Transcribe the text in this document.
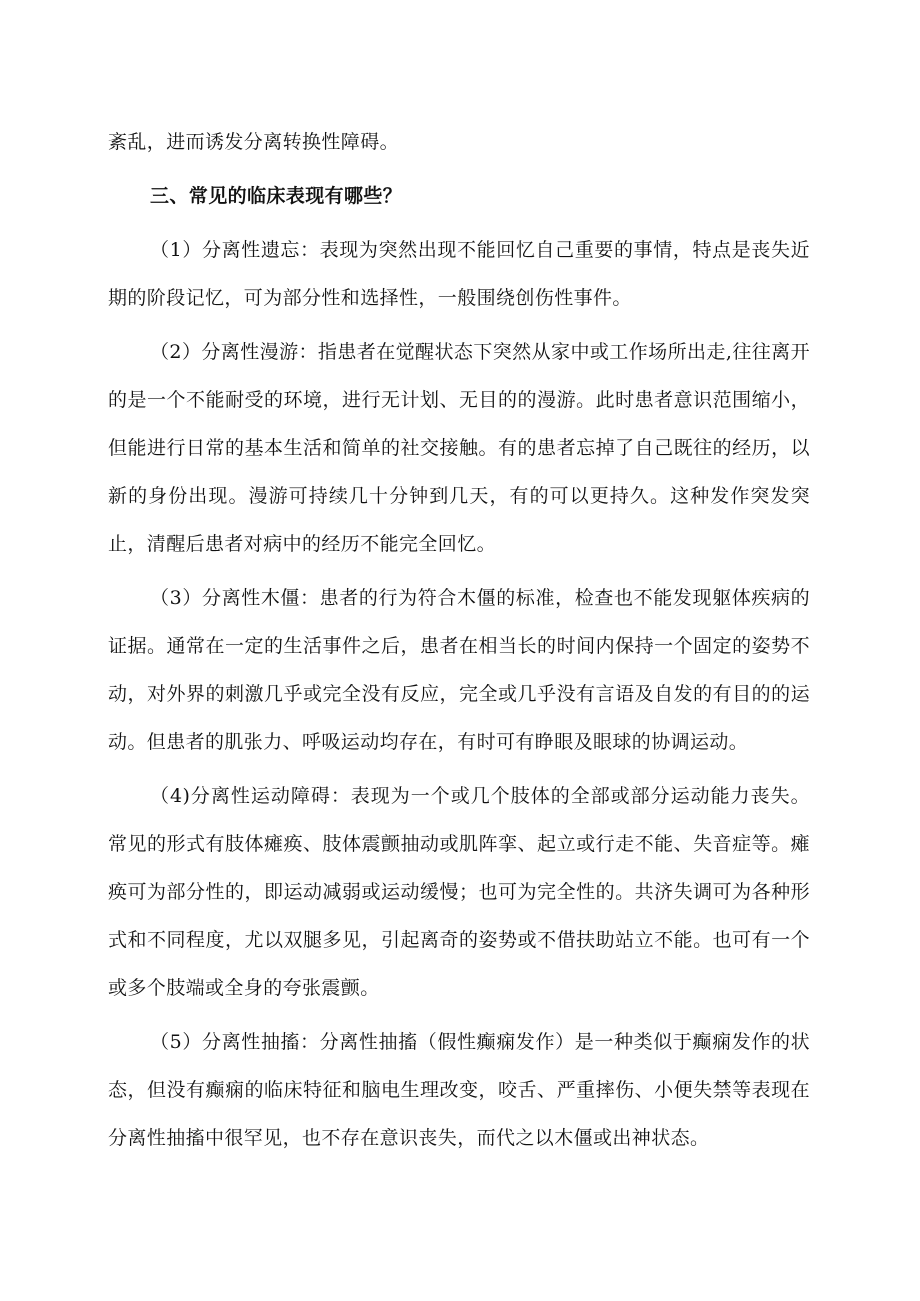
紊乱，进而诱发分离转换性障碍。

三、常见的临床表现有哪些？

（1）分离性遗忘：表现为突然出现不能回忆自己重要的事情，特点是丧失近期的阶段记忆，可为部分性和选择性，一般围绕创伤性事件。

（2）分离性漫游：指患者在觉醒状态下突然从家中或工作场所出走,往往离开的是一个不能耐受的环境，进行无计划、无目的的漫游。此时患者意识范围缩小，但能进行日常的基本生活和简单的社交接触。有的患者忘掉了自己既往的经历，以新的身份出现。漫游可持续几十分钟到几天，有的可以更持久。这种发作突发突止，清醒后患者对病中的经历不能完全回忆。

（3）分离性木僵：患者的行为符合木僵的标准，检查也不能发现躯体疾病的证据。通常在一定的生活事件之后，患者在相当长的时间内保持一个固定的姿势不动，对外界的刺激几乎或完全没有反应，完全或几乎没有言语及自发的有目的的运动。但患者的肌张力、呼吸运动均存在，有时可有睁眼及眼球的协调运动。

（4)分离性运动障碍：表现为一个或几个肢体的全部或部分运动能力丧失。常见的形式有肢体瘫痪、肢体震颤抽动或肌阵挛、起立或行走不能、失音症等。瘫痪可为部分性的，即运动减弱或运动缓慢；也可为完全性的。共济失调可为各种形式和不同程度，尤以双腿多见，引起离奇的姿势或不借扶助站立不能。也可有一个或多个肢端或全身的夸张震颤。

（5）分离性抽搐：分离性抽搐（假性癫痫发作）是一种类似于癫痫发作的状态，但没有癫痫的临床特征和脑电生理改变，咬舌、严重摔伤、小便失禁等表现在分离性抽搐中很罕见，也不存在意识丧失，而代之以木僵或出神状态。
